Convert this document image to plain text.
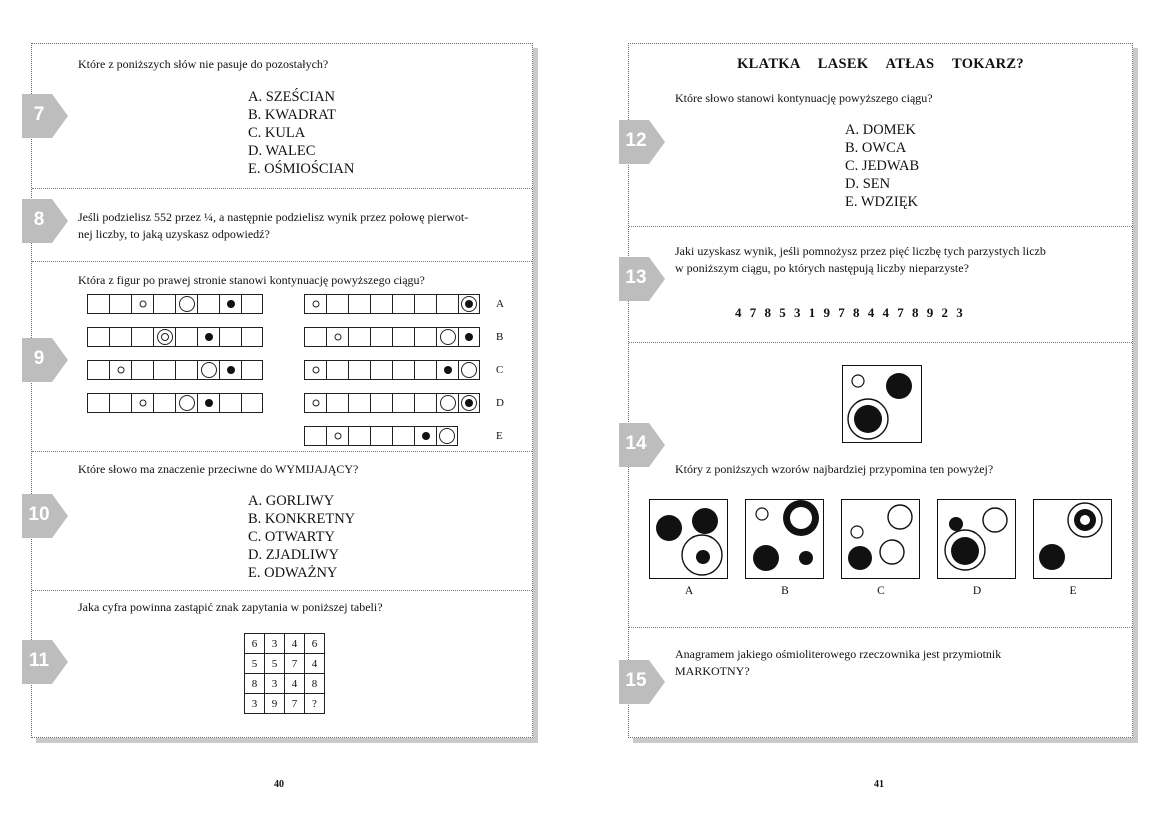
7
Które z poniższych słów nie pasuje do pozostałych?
A. SZEŚCIAN
B. KWADRAT
C. KULA
D. WALEC
E. OŚMIOŚCIAN
8	Jeśli podzielisz 552 przez ¼, a następnie podzielisz wynik przez połowę pierwot-
nej liczby, to jaką uzyskasz odpowiedź?
9
Która z figur po prawej stronie stanowi kontynuację powyższego ciągu?
A
B
C
D
E
10
Które słowo ma znaczenie przeciwne do WYMIJAJĄCY?
A. GORLIWY
B. KONKRETNY
C. OTWARTY
D. ZJADLIWY
E. ODWAŻNY
11
Jaka cyfra powinna zastąpić znak zapytania w poniższej tabeli?
6	3	4	6
5	5	7	4
8	3	4	8
3	9	7	?
KLATKA LASEK ATŁAS TOKARZ?
12
Które słowo stanowi kontynuację powyższego ciągu?
A. DOMEK
B. OWCA
C. JEDWAB
D. SEN
E. WDZIĘK
13
Jaki uzyskasz wynik, jeśli pomnożysz przez pięć liczbę tych parzystych liczb
w poniższym ciągu, po których następują liczby nieparzyste?
4 7 8 5 3 1 9 7 8 4 4 7 8 9 2 3
14
Który z poniższych wzorów najbardziej przypomina ten powyżej?
A	B	C	D	E
15
Anagramem jakiego ośmioliterowego rzeczownika jest przymiotnik
MARKOTNY?
40	41
